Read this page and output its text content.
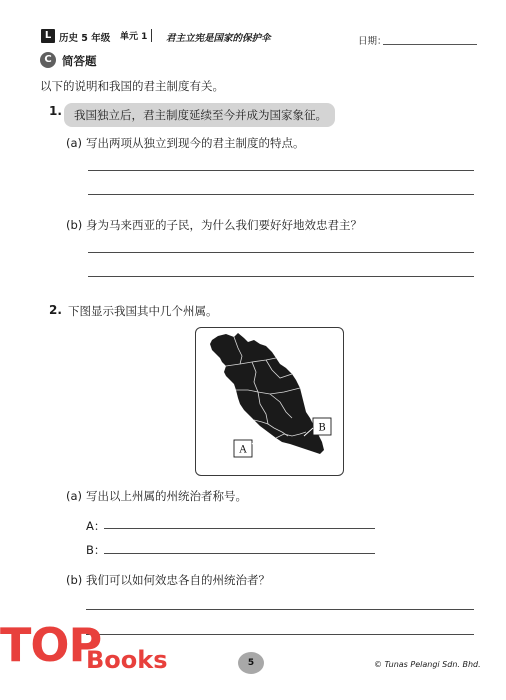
L 历史 5 年级 单元 1	君主立宪是国家的保护伞	日期：
C 简答题
以下的说明和我国的君主制度有关。
1.	我国独立后，君主制度延续至今并成为国家象征。
(a) 写出两项从独立到现今的君主制度的特点。
(b) 身为马来西亚的子民，为什么我们要好好地效忠君主？
2. 下图显示我国其中几个州属。
A
B
(a) 写出以上州属的州统治者称号。
A：
B：
(b) 我们可以如何效忠各自的州统治者？
TOP
Books	5	© Tunas Pelangi Sdn. Bhd.
